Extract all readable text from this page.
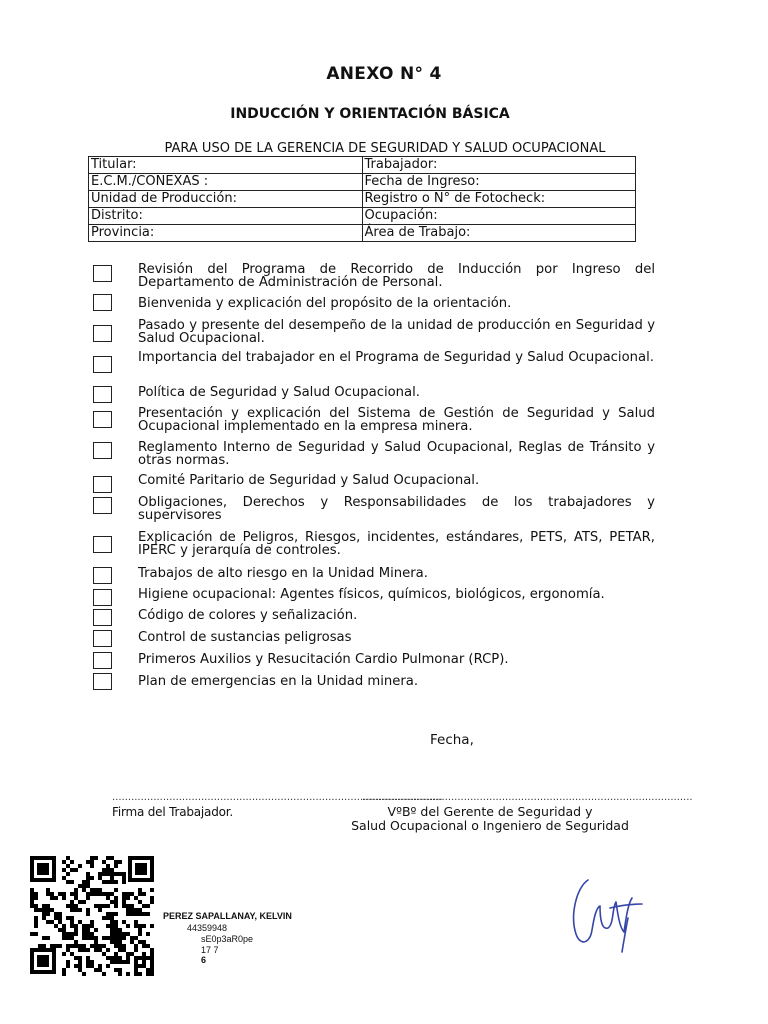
ANEXO N° 4
INDUCCIÓN Y ORIENTACIÓN BÁSICA
PARA USO DE LA GERENCIA DE SEGURIDAD Y SALUD OCUPACIONAL
Titular:	Trabajador:
E.C.M./CONEXAS :	Fecha de Ingreso:
Unidad de Producción:	Registro o N° de Fotocheck:
Distrito:	Ocupación:
Provincia:	Área de Trabajo:
Revisión del Programa de Recorrido de Inducción por Ingreso del Departamento de Administración de Personal.
Bienvenida y explicación del propósito de la orientación.
Pasado y presente del desempeño de la unidad de producción en Seguridad y Salud Ocupacional.
Importancia del trabajador en el Programa de Seguridad y Salud Ocupacional.
Política de Seguridad y Salud Ocupacional.
Presentación y explicación del Sistema de Gestión de Seguridad y Salud Ocupacional implementado en la empresa minera.
Reglamento Interno de Seguridad y Salud Ocupacional, Reglas de Tránsito y otras normas.
Comité Paritario de Seguridad y Salud Ocupacional.
Obligaciones, Derechos y Responsabilidades de los trabajadores y supervisores
Explicación de Peligros, Riesgos, incidentes, estándares, PETS, ATS, PETAR, IPERC y jerarquía de controles.
Trabajos de alto riesgo en la Unidad Minera.
Higiene ocupacional: Agentes físicos, químicos, biológicos, ergonomía.
Código de colores y señalización.
Control de sustancias peligrosas
Primeros Auxilios y Resucitación Cardio Pulmonar (RCP).
Plan de emergencias en la Unidad minera.
Fecha,
........................................................................................................
........................................................................................................
Firma del Trabajador.	VºBº del Gerente de Seguridad y
Salud Ocupacional o Ingeniero de Seguridad
PEREZ SAPALLANAY, KELVIN
44359948
sE0p3aR0pe
17 7
6
